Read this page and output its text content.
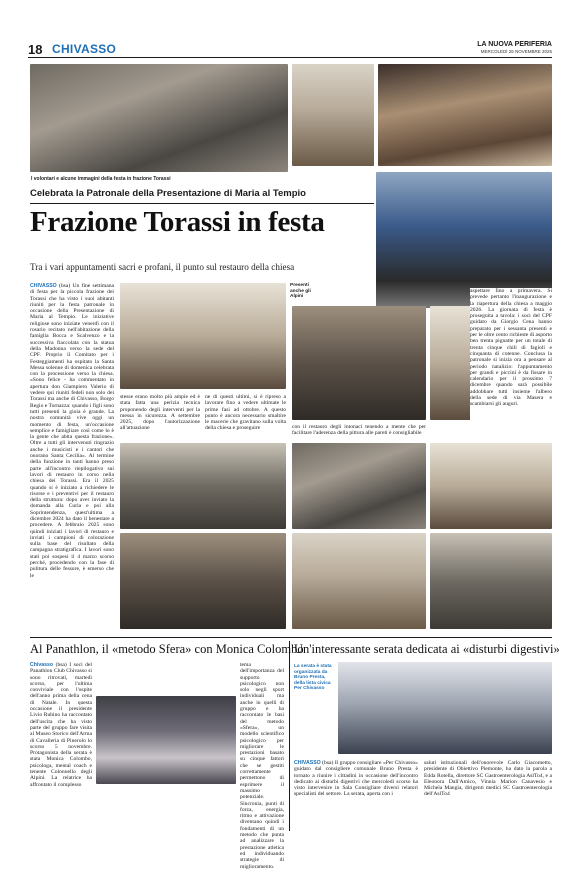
18 CHIVASSO	LA NUOVA PERIFERIA
MERCOLEDÌ 26 NOVEMBRE 2025
I volontari e alcune immagini della festa in frazione Torassi
Celebrata la Patronale della Presentazione di Maria al Tempio
Frazione Torassi in festa
Tra i vari appuntamenti sacri e profani, il punto sul restauro della chiesa

CHIVASSO (bsa) Un fine settimana di festa per la piccola frazione dei Torassi che ha visto i suoi abitanti riuniti per la festa patronale in occasione della Presentazione di Maria al Tempio. Le iniziative religiose sono iniziate venerdì con il rosario recitato nell'abitazione della famiglia Bocca e Scalvenzo e la successiva fiaccolata con la statua della Madonna verso la sede del CPF. Proprio il Comitato per i Festeggiamenti ha ospitato la Santa Messa solenne di domenica celebrata con la processione verso la chiesa. «Sono felice - ha commentato in apertura don Giampiero Valerio di vedere qui riuniti fedeli non solo dei Torassi ma anche di Chivasso, Borgo Regio e Tornazza: quando i figli sono tutti presenti la gioia è grande. La nostra comunità vive oggi un momento di festa, un'occasione semplice e famigliare così come lo è la gente che abita questa frazione». Oltre a tutti gli intervenuti ringrazio anche i musicisti e i cantori che onorano Santa Cecilia». Al termine della funzione in tanti hanno preso parte all'incontro riepilogativo sui lavori di restauro in corso nella chiesa dei Torassi. Era il 2025 quando si è iniziato a richiedere le risorse e i preventivi per il restauro della struttura: dopo aver inviato la domanda alla Curia e poi alla Soprintendenza, quest'ultima a dicembre 2024 ha dato il benestare a procedere. A febbraio 2025 sono quindi iniziati i lavori di restauro e inviati i campioni di colorazione sulla base del risultato della campagna stratigrafica. I lavori sono stati poi sospesi il 4 marzo scorso perché, procedendo con la fase di pulitura delle fessure, è emerso che le

Presenti anche gli Alpini

stesse erano molto più ampie ed è stata fatta una perizia tecnica proponendo degli interventi per la messa in sicurezza. A settembre 2025, dopo l'autorizzazione all'attuazione

ne di questi ultimi, si è ripreso a lavorare fino a vedere ultimate le prime fasi ad ottobre. A questo punto è ancora necessario smaltire le macerie che gravitano sulla volta della chiesa e proseguire	con il restauro degli intonaci tenendo a mente che per facilitare l'aderenza della pittura alle pareti è consigliabile

aspettare fino a primavera. Si prevede pertanto l'inaugurazione e la riapertura della chiesa a maggio 2026. La giornata di festa è proseguita a tavola: i soci del CPF guidato da Giorgio Cena hanno preparato per i sessanta presenti e per le oltre cento richieste di asporto ben trenta pignatte per un totale di trenta cinque chili di fagioli e cinquanta di cotenne. Conclusa la patronale si inizia ora a pensare al periodo natalizio: l'appuntamento per grandi e piccini è da fissare in calendario per il prossimo 7 dicembre quando sarà possibile addobbare tutti insieme l'albero della sede di via Masera e scambiarsi gli auguri.

Al Panathlon, il «metodo Sfera» con Monica Colombo

Chivasso (bsa) I soci del Panathlon Club Chivasso si sono ritrovati, martedì scorso, per l'ultima conviviale con l'ospite dell'anno prima della cena di Natale. In questa occasione il presidente Livio Rubino ha raccontato dell'uscita che ha visto parte del gruppo fare visita al Museo Storico dell'Arma di Cavalleria di Pinerolo lo scorso 5 novembre. Protagonista della serata è stata Monica Colombo, psicologa, mental coach e tenente Colonnello degli Alpini. La relatrice ha affrontato il complesso

tema dell'importanza del supporto psicologico non solo negli sport individuali ma anche in quelli di gruppo e ha raccontato le basi del metodo «Sfera», un modello scientifico psicologico per migliorare le prestazioni basato su cinque fattori che se gestiti correttamente permettono di esprimere il massimo potenziale. Sincronia, punti di forza, energia, ritmo e attivazione diventano quindi i fondamenti di un metodo che punta ad analizzare la prestazione atletica ed individuando strategie di miglioramento.

Un'interessante serata dedicata ai «disturbi digestivi»
La serata è stata organizzata da Bruno Presta, della lista civica Per Chivasso

CHIVASSO (bsa) Il gruppo consigliare «Per Chivasso» guidato dal consigliere comunale Bruno Presta è tornato a riunire i cittadini in occasione dell'incontro dedicato ai disturbi digestivi che mercoledì scorso ha visto intervenire in Sala Consigliare diversi relatori specialisti del settore. La serata, aperta con i

saluti istituzionali dell'onorevole Carlo Giacometto, presidente di Obiettivo Piemonte, ha dato la parola a Edda Rotella, direttore SC Gastroenterologia AslTo4, e a Eleonora Dall'Amico, Vinnia Marion Canavesio e Michela Mangia, dirigenti medici SC Gastroenterologia dell'AslTo4
